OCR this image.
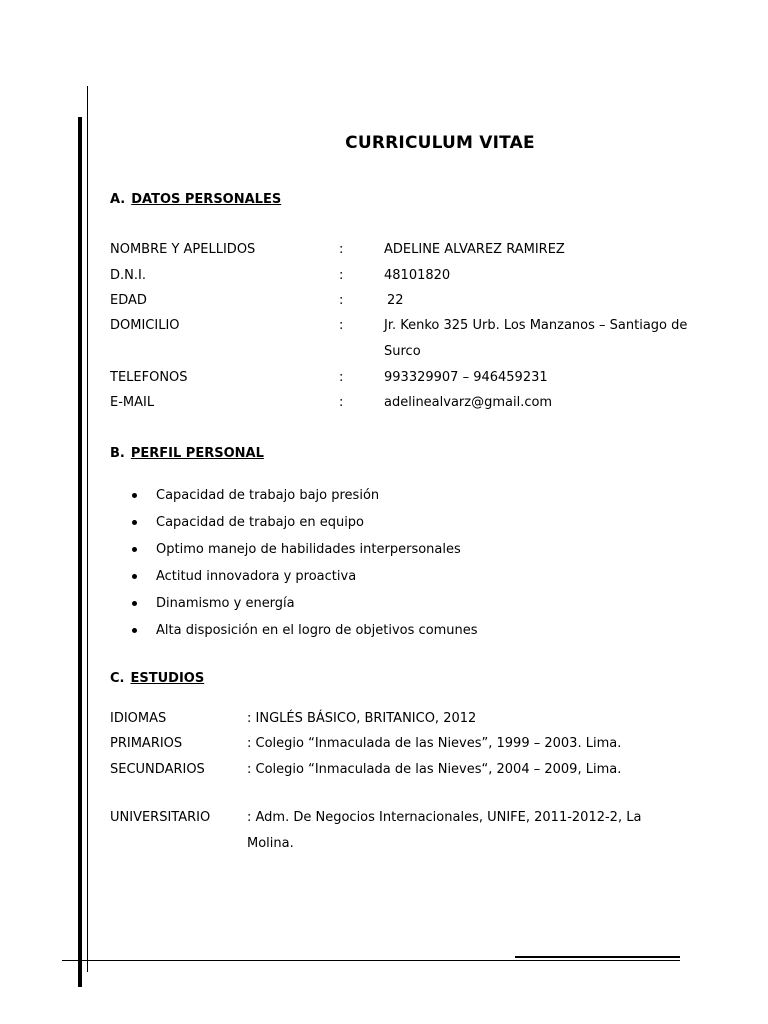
CURRICULUM VITAE
A. DATOS PERSONALES
NOMBRE Y APELLIDOS	:	ADELINE ALVAREZ RAMIREZ
D.N.I.	:	48101820
EDAD	:	22
DOMICILIO	:	Jr. Kenko 325 Urb. Los Manzanos – Santiago de Surco
TELEFONOS	:	993329907 – 946459231
E-MAIL	:	adelinealvarz@gmail.com
B. PERFIL PERSONAL
Capacidad de trabajo bajo presión
Capacidad de trabajo en equipo
Optimo manejo de habilidades interpersonales
Actitud innovadora y proactiva
Dinamismo y energía
Alta disposición en el logro de objetivos comunes
C. ESTUDIOS
IDIOMAS	: INGLÉS BÁSICO, BRITANICO, 2012
PRIMARIOS	: Colegio “Inmaculada de las Nieves”, 1999 – 2003. Lima.
SECUNDARIOS	: Colegio “Inmaculada de las Nieves“, 2004 – 2009, Lima.
UNIVERSITARIO	: Adm. De Negocios Internacionales, UNIFE, 2011-2012-2, La Molina.
